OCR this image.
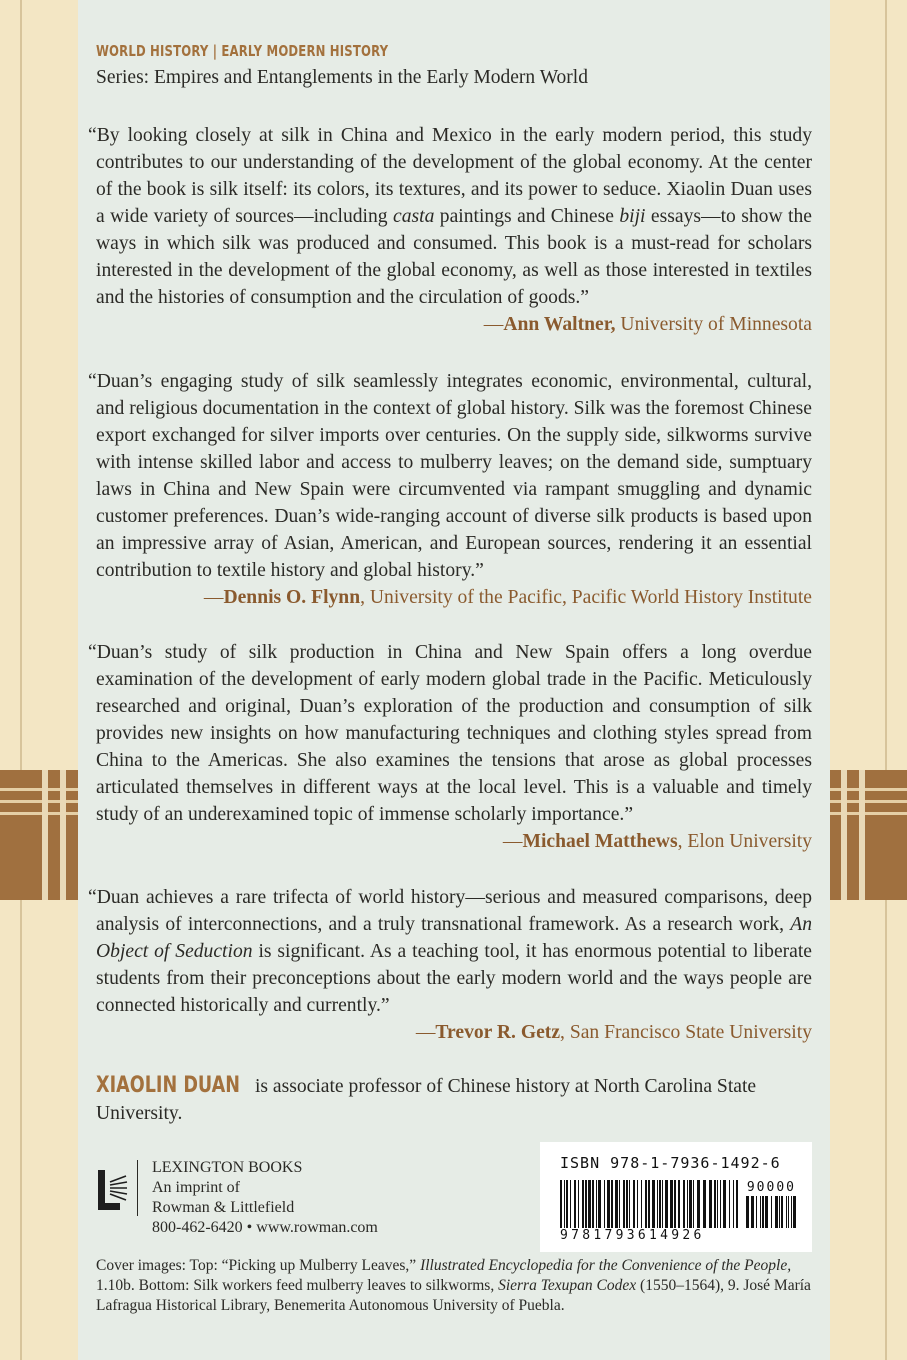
WORLD HISTORY | EARLY MODERN HISTORY
Series: Empires and Entanglements in the Early Modern World

“By looking closely at silk in China and Mexico in the early modern period, this study contributes to our understanding of the development of the global economy. At the center of the book is silk itself: its colors, its textures, and its power to seduce. Xiaolin Duan uses a wide variety of sources—including casta paintings and Chinese biji essays—to show the ways in which silk was produced and consumed. This book is a must-read for scholars interested in the development of the global economy, as well as those interested in textiles and the histories of consumption and the circulation of goods.”
—Ann Waltner, University of Minnesota

“Duan’s engaging study of silk seamlessly integrates economic, environmental, cultural, and religious documentation in the context of global history. Silk was the foremost Chinese export exchanged for silver imports over centuries. On the supply side, silkworms survive with intense skilled labor and access to mulberry leaves; on the demand side, sumptuary laws in China and New Spain were circumvented via rampant smuggling and dynamic customer preferences. Duan’s wide-ranging account of diverse silk products is based upon an impressive array of Asian, American, and European sources, rendering it an essential contribution to textile history and global history.”

—Dennis O. Flynn, University of the Pacific, Pacific World History Institute

“Duan’s study of silk production in China and New Spain offers a long overdue examination of the development of early modern global trade in the Pacific. Meticulously researched and original, Duan’s exploration of the production and consumption of silk provides new insights on how manufacturing techniques and clothing styles spread from China to the Americas. She also examines the tensions that arose as global processes articulated themselves in different ways at the local level. This is a valuable and timely study of an underexamined topic of immense scholarly importance.”
—Michael Matthews, Elon University

“Duan achieves a rare trifecta of world history—serious and measured comparisons, deep analysis of interconnections, and a truly transnational framework. As a research work, An Object of Seduction is significant. As a teaching tool, it has enormous potential to liberate students from their preconceptions about the early modern world and the ways people are connected historically and currently.”

—Trevor R. Getz, San Francisco State University
XIAOLIN DUAN is associate professor of Chinese history at North Carolina State University.
LEXINGTON BOOKS
An imprint of
Rowman & Littlefield
800-462-6420 • www.rowman.com
ISBN 978-1-7936-1492-6
90000
9781793614926
Cover images: Top: “Picking up Mulberry Leaves,” Illustrated Encyclopedia for the Convenience of the People, 1.10b. Bottom: Silk workers feed mulberry leaves to silkworms, Sierra Texupan Codex (1550–1564), 9. José María Lafragua Historical Library, Benemerita Autonomous University of Puebla.
